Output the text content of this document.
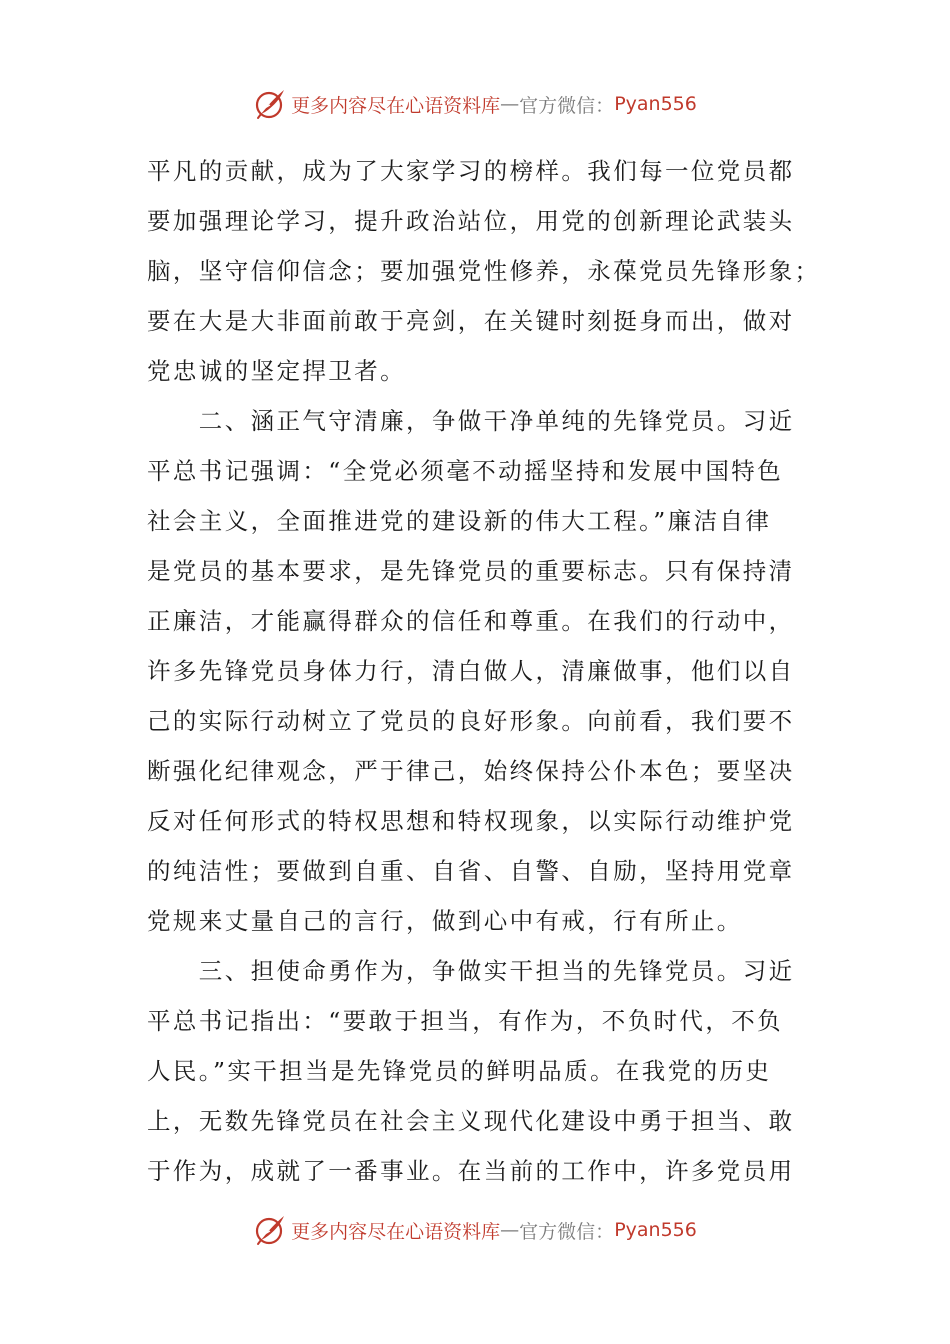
更多内容尽在心语资料库 — 官方微信： Pyan556
平凡的贡献，成为了大家学习的榜样。我们每一位党员都
要加强理论学习，提升政治站位，用党的创新理论武装头
脑，坚守信仰信念；要加强党性修养，永葆党员先锋形象；
要在大是大非面前敢于亮剑，在关键时刻挺身而出，做对
党忠诚的坚定捍卫者。
　　二、涵正气守清廉，争做干净单纯的先锋党员。习近
平总书记强调：“全党必须毫不动摇坚持和发展中国特色
社会主义，全面推进党的建设新的伟大工程。”廉洁自律
是党员的基本要求，是先锋党员的重要标志。只有保持清
正廉洁，才能赢得群众的信任和尊重。在我们的行动中，
许多先锋党员身体力行，清白做人，清廉做事，他们以自
己的实际行动树立了党员的良好形象。向前看，我们要不
断强化纪律观念，严于律己，始终保持公仆本色；要坚决
反对任何形式的特权思想和特权现象，以实际行动维护党
的纯洁性；要做到自重、自省、自警、自励，坚持用党章
党规来丈量自己的言行，做到心中有戒，行有所止。
　　三、担使命勇作为，争做实干担当的先锋党员。习近
平总书记指出：“要敢于担当，有作为，不负时代，不负
人民。”实干担当是先锋党员的鲜明品质。在我党的历史
上，无数先锋党员在社会主义现代化建设中勇于担当、敢
于作为，成就了一番事业。在当前的工作中，许多党员用
更多内容尽在心语资料库 — 官方微信： Pyan556
